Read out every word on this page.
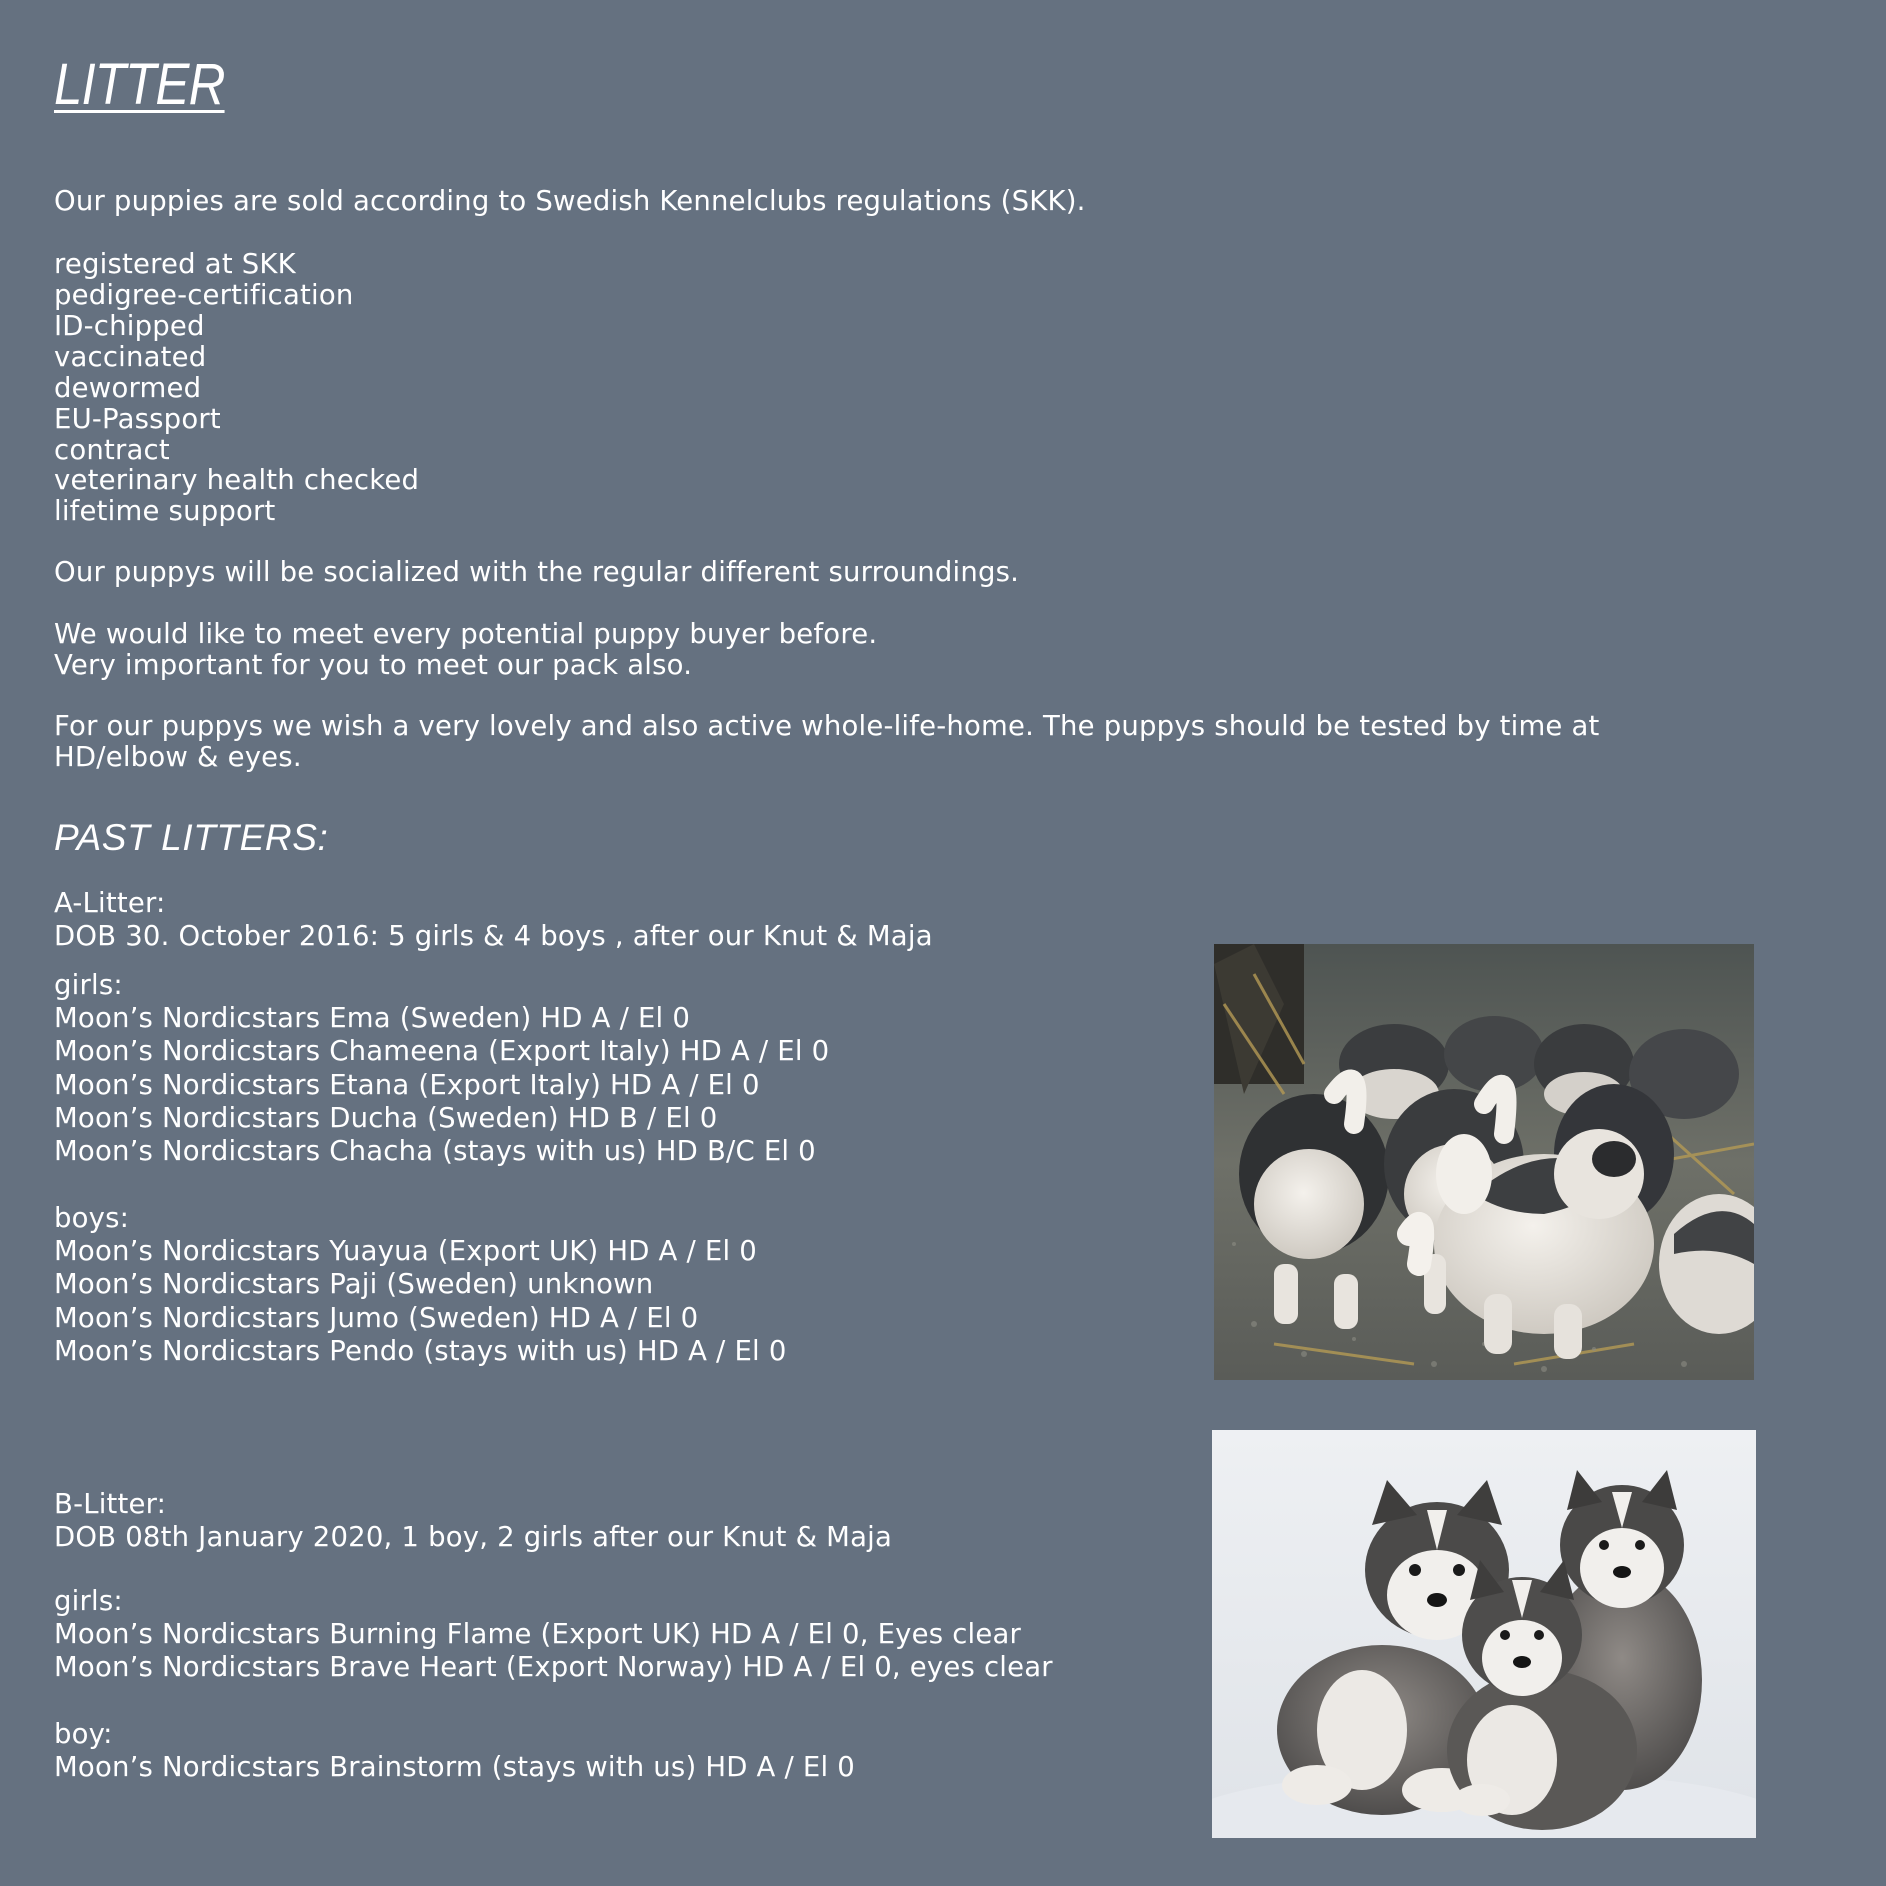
LITTER
Our puppies are sold according to Swedish Kennelclubs regulations (SKK).
registered at SKK
pedigree-certification
ID-chipped
vaccinated
dewormed
EU-Passport
contract
veterinary health checked
lifetime support
Our puppys will be socialized with the regular different surroundings.
We would like to meet every potential puppy buyer before.
Very important for you to meet our pack also.
For our puppys we wish a very lovely and also active whole-life-home. The puppys should be tested by time at
HD/elbow & eyes.
PAST LITTERS:
A-Litter:
DOB 30. October 2016: 5 girls & 4 boys , after our Knut & Maja
girls:
Moon’s Nordicstars Ema (Sweden) HD A / El 0
Moon’s Nordicstars Chameena (Export Italy) HD A / El 0
Moon’s Nordicstars Etana (Export Italy) HD A / El 0
Moon’s Nordicstars Ducha (Sweden) HD B / El 0
Moon’s Nordicstars Chacha (stays with us) HD B/C El 0
boys:
Moon’s Nordicstars Yuayua (Export UK) HD A / El 0
Moon’s Nordicstars Paji (Sweden) unknown
Moon’s Nordicstars Jumo (Sweden) HD A / El 0
Moon’s Nordicstars Pendo (stays with us) HD A / El 0
B-Litter:
DOB 08th January 2020, 1 boy, 2 girls after our Knut & Maja
girls:
Moon’s Nordicstars Burning Flame (Export UK) HD A / El 0, Eyes clear
Moon’s Nordicstars Brave Heart (Export Norway) HD A / El 0, eyes clear
boy:
Moon’s Nordicstars Brainstorm (stays with us) HD A / El 0
